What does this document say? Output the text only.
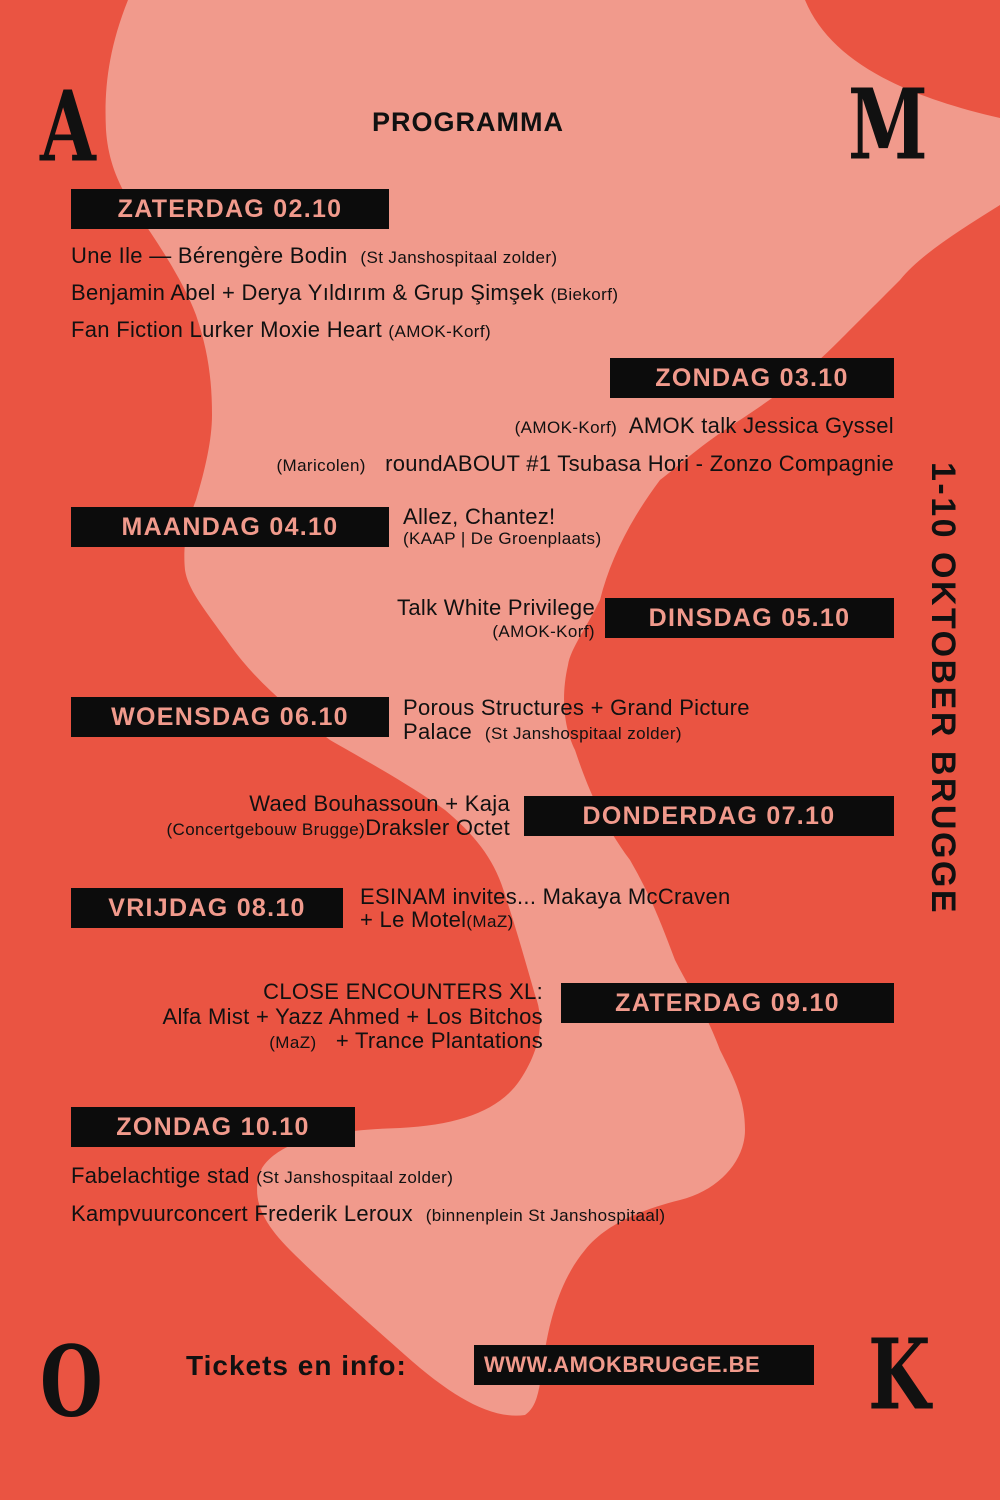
A	M
O	K
PROGRAMMA
1-10 OKTOBER BRUGGE
ZATERDAG 02.10
Une Ile — Bérengère Bodin (St Janshospitaal zolder)
Benjamin Abel + Derya Yıldırım & Grup Şimşek (Biekorf)
Fan Fiction Lurker Moxie Heart (AMOK-Korf)
ZONDAG 03.10
(AMOK-Korf) AMOK talk Jessica Gyssel
(Maricolen) roundABOUT #1 Tsubasa Hori - Zonzo Compagnie
MAANDAG 04.10	Allez, Chantez!
(KAAP | De Groenplaats)
DINSDAG 05.10
Talk White Privilege
(AMOK-Korf)
WOENSDAG 06.10	Porous Structures + Grand Picture
Palace (St Janshospitaal zolder)
DONDERDAG 07.10
Waed Bouhassoun + Kaja
(Concertgebouw Brugge)Draksler Octet
VRIJDAG 08.10	ESINAM invites... Makaya McCraven
+ Le Motel(MaZ)
ZATERDAG 09.10
CLOSE ENCOUNTERS XL:
Alfa Mist + Yazz Ahmed + Los Bitchos
(MaZ) + Trance Plantations
ZONDAG 10.10
Fabelachtige stad (St Janshospitaal zolder)
Kampvuurconcert Frederik Leroux (binnenplein St Janshospitaal)
Tickets en info:	WWW.AMOKBRUGGE.BE
